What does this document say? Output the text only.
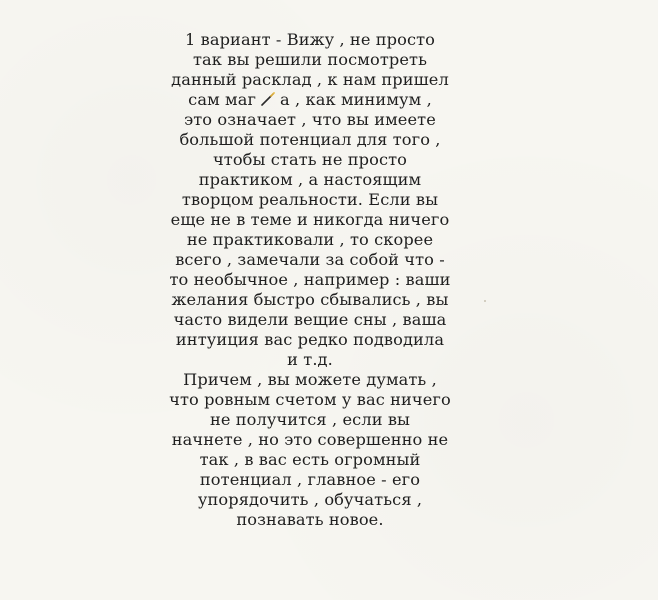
1 вариант - Вижу , не просто
так вы решили посмотреть
данный расклад , к нам пришел
сам маг а , как минимум ,
это означает , что вы имеете
большой потенциал для того ,
чтобы стать не просто
практиком , а настоящим
творцом реальности. Если вы
еще не в теме и никогда ничего
не практиковали , то скорее
всего , замечали за собой что -
то необычное , например : ваши
желания быстро сбывались , вы
часто видели вещие сны , ваша
интуиция вас редко подводила
и т.д.
Причем , вы можете думать ,
что ровным счетом у вас ничего
не получится , если вы
начнете , но это совершенно не
так , в вас есть огромный
потенциал , главное - его
упорядочить , обучаться ,
познавать новое.
